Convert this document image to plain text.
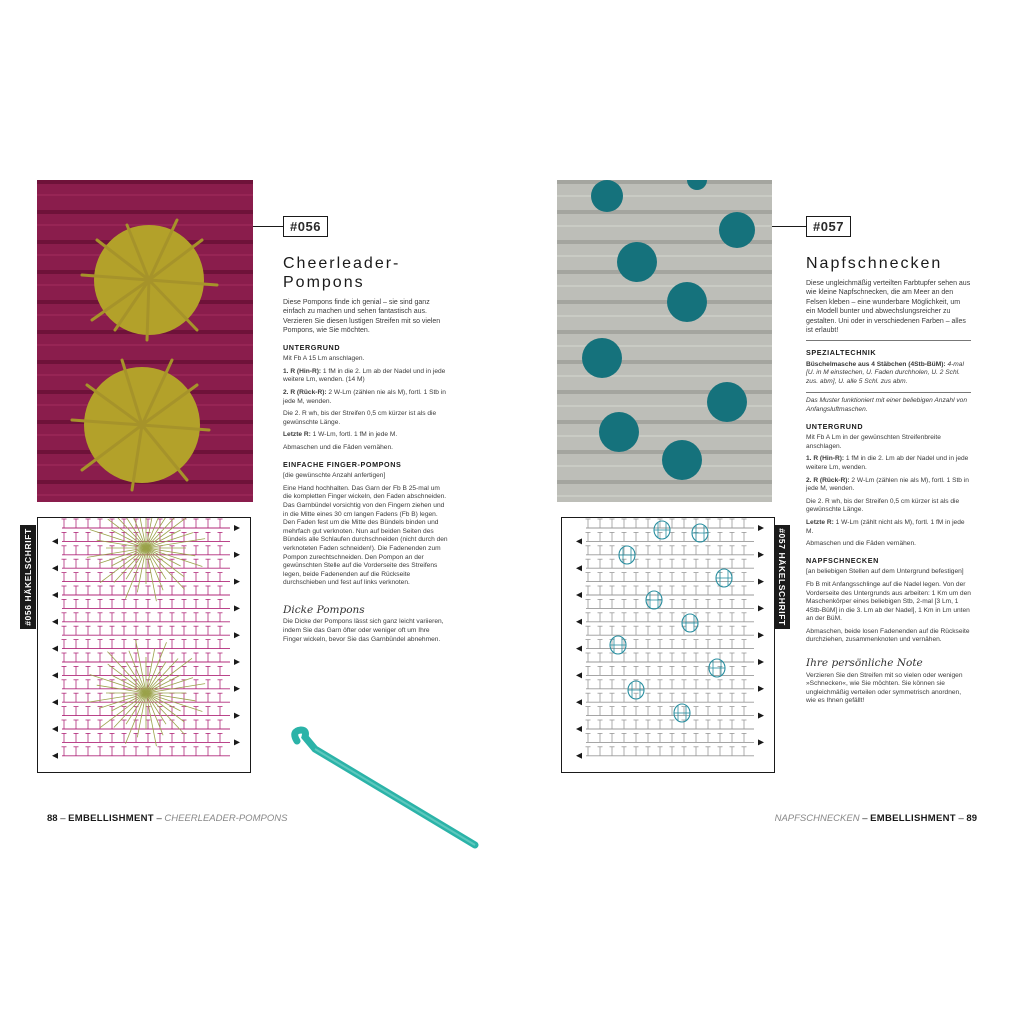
#056
Cheerleader-
Pompons

Diese Pompons finde ich genial – sie sind ganz einfach zu machen und sehen fantastisch aus. Verzieren Sie diesen lustigen Streifen mit so vielen Pompons, wie Sie möchten.

UNTERGRUND

Mit Fb A 15 Lm anschlagen.

1. R (Hin-R): 1 fM in die 2. Lm ab der Nadel und in jede weitere Lm, wenden. (14 M)

2. R (Rück-R): 2 W-Lm (zählen nie als M), fortl. 1 Stb in jede M, wenden.

Die 2. R wh, bis der Streifen 0,5 cm kürzer ist als die gewünschte Länge.

Letzte R: 1 W-Lm, fortl. 1 fM in jede M.

Abmaschen und die Fäden vernähen.

EINFACHE FINGER-POMPONS

[die gewünschte Anzahl anfertigen]

Eine Hand hochhalten. Das Garn der Fb B 25-mal um die kompletten Finger wickeln, den Faden abschneiden. Das Garnbündel vorsichtig von den Fingern ziehen und in die Mitte eines 30 cm langen Fadens (Fb B) legen. Den Faden fest um die Mitte des Bündels binden und mehrfach gut verknoten. Nun auf beiden Seiten des Bündels alle Schlaufen durchschneiden (nicht durch den verknoteten Faden schneiden!). Die Fadenenden zum Pompon zurechtschneiden. Den Pompon an der gewünschten Stelle auf die Vorderseite des Streifens legen, beide Fadenenden auf die Rückseite durchschieben und fest auf links verknoten.

Dicke Pompons

Die Dicke der Pompons lässt sich ganz leicht variieren, indem Sie das Garn öfter oder weniger oft um Ihre Finger wickeln, bevor Sie das Garnbündel abnehmen.

#056 HÄKELSCHRIFT
88 – EMBELLISHMENT – CHEERLEADER-POMPONS
#057
Napfschnecken

Diese ungleichmäßig verteilten Farbtupfer sehen aus wie kleine Napfschnecken, die am Meer an den Felsen kleben – eine wunderbare Möglichkeit, um ein Modell bunter und abwechslungsreicher zu gestalten. Uni oder in verschiedenen Farben – alles ist erlaubt!

SPEZIALTECHNIK

Büschelmasche aus 4 Stäbchen (4Stb-BüM): 4-mal [U. in M einstechen, U. Faden durchholen, U. 2 Schl. zus. abm], U. alle 5 Schl. zus abm.

Das Muster funktioniert mit einer beliebigen Anzahl von Anfangsluftmaschen.

UNTERGRUND

Mit Fb A Lm in der gewünschten Streifenbreite anschlagen.

1. R (Hin-R): 1 fM in die 2. Lm ab der Nadel und in jede weitere Lm, wenden.

2. R (Rück-R): 2 W-Lm (zählen nie als M), fortl. 1 Stb in jede M, wenden.

Die 2. R wh, bis der Streifen 0,5 cm kürzer ist als die gewünschte Länge.

Letzte R: 1 W-Lm (zählt nicht als M), fortl. 1 fM in jede M.

Abmaschen und die Fäden vernähen.

NAPFSCHNECKEN

[an beliebigen Stellen auf dem Untergrund befestigen]

Fb B mit Anfangsschlinge auf die Nadel legen. Von der Vorderseite des Untergrunds aus arbeiten: 1 Km um den Maschenkörper eines beliebigen Stb, 2-mal [3 Lm, 1 4Stb-BüM] in die 3. Lm ab der Nadel], 1 Km in Lm unten an der BüM.

Abmaschen, beide losen Fadenenden auf die Rückseite durchziehen, zusammenknoten und vernähen.

Ihre persönliche Note

Verzieren Sie den Streifen mit so vielen oder wenigen »Schnecken«, wie Sie möchten. Sie können sie ungleichmäßig verteilen oder symmetrisch anordnen, wie es Ihnen gefällt!

#057 HÄKELSCHRIFT
NAPFSCHNECKEN – EMBELLISHMENT – 89
